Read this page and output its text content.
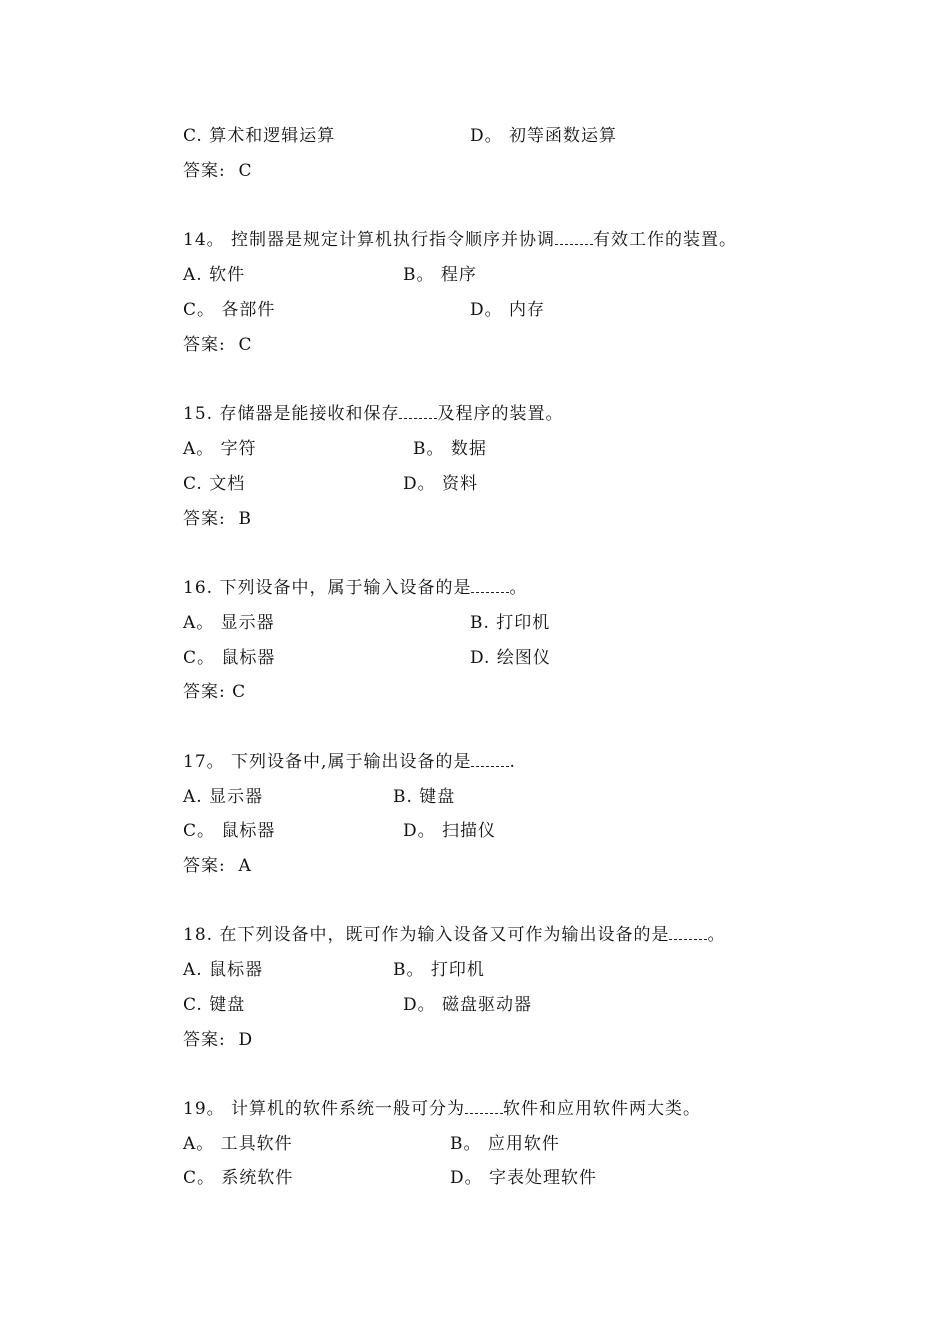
C. 算术和逻辑运算	D。 初等函数运算
答案:  C
14。 控制器是规定计算机执行指令顺序并协调 有效工作的装置。
A. 软件	B。 程序
C。 各部件	D。 内存
答案:  C
15. 存储器是能接收和保存 及程序的装置。
A。 字符	B。 数据
C. 文档	D。 资料
答案:  B
16. 下列设备中，属于输入设备的是 。
A。 显示器	B. 打印机
C。 鼠标器	D. 绘图仪
答案: C
17。 下列设备中,属于输出设备的是 .
A. 显示器	B. 键盘
C。 鼠标器	D。 扫描仪
答案:  A
18. 在下列设备中，既可作为输入设备又可作为输出设备的是 。
A. 鼠标器	B。 打印机
C. 键盘	D。 磁盘驱动器
答案:  D
19。 计算机的软件系统一般可分为 软件和应用软件两大类。
A。 工具软件	B。 应用软件
C。 系统软件	D。 字表处理软件
